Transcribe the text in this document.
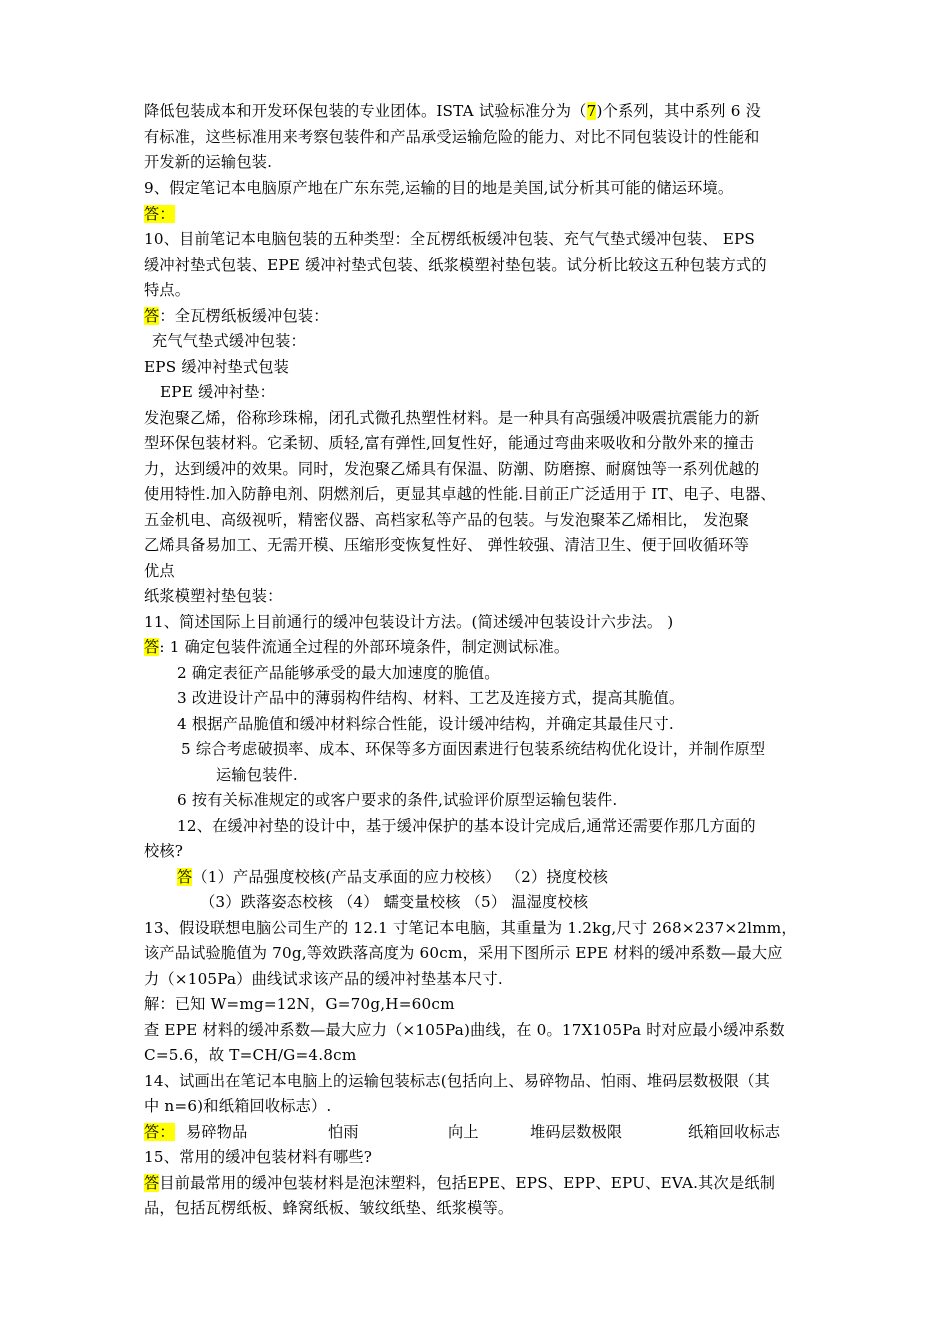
降低包装成本和开发环保包装的专业团体。ISTA 试验标准分为（7)个系列，其中系列 6 没
有标准，这些标准用来考察包装件和产品承受运输危险的能力、对比不同包装设计的性能和
开发新的运输包装.
9、假定笔记本电脑原产地在广东东莞,运输的目的地是美国,试分析其可能的储运环境。
答：
10、目前笔记本电脑包装的五种类型：全瓦楞纸板缓冲包装、充气气垫式缓冲包装、 EPS
缓冲衬垫式包装、EPE 缓冲衬垫式包装、纸浆模塑衬垫包装。试分析比较这五种包装方式的
特点。
答：全瓦楞纸板缓冲包装：
充气气垫式缓冲包装：
EPS 缓冲衬垫式包装
EPE 缓冲衬垫：
发泡聚乙烯，俗称珍珠棉，闭孔式微孔热塑性材料。是一种具有高强缓冲吸震抗震能力的新
型环保包装材料。它柔韧、质轻,富有弹性,回复性好，能通过弯曲来吸收和分散外来的撞击
力，达到缓冲的效果。同时，发泡聚乙烯具有保温、防潮、防磨擦、耐腐蚀等一系列优越的
使用特性.加入防静电剂、阴燃剂后，更显其卓越的性能.目前正广泛适用于 IT、电子、电器、
五金机电、高级视听，精密仪器、高档家私等产品的包装。与发泡聚苯乙烯相比， 发泡聚
乙烯具备易加工、无需开模、压缩形变恢复性好、 弹性较强、清洁卫生、便于回收循环等
优点
纸浆模塑衬垫包装：
11、简述国际上目前通行的缓冲包装设计方法。(简述缓冲包装设计六步法。 )
答: 1 确定包装件流通全过程的外部环境条件，制定测试标准。
2 确定表征产品能够承受的最大加速度的脆值。
3 改进设计产品中的薄弱构件结构、材料、工艺及连接方式，提高其脆值。
4 根据产品脆值和缓冲材料综合性能，设计缓冲结构，并确定其最佳尺寸.
5 综合考虑破损率、成本、环保等多方面因素进行包装系统结构优化设计，并制作原型
运输包装件.
6 按有关标准规定的或客户要求的条件,试验评价原型运输包装件.
12、在缓冲衬垫的设计中，基于缓冲保护的基本设计完成后,通常还需要作那几方面的
校核?
答（1）产品强度校核(产品支承面的应力校核） （2）挠度校核
（3）跌落姿态校核 （4） 蠕变量校核 （5） 温湿度校核
13、假设联想电脑公司生产的 12.1 寸笔记本电脑，其重量为 1.2kg,尺寸 268×237×2lmm，
该产品试验脆值为 70g,等效跌落高度为 60cm，采用下图所示 EPE 材料的缓冲系数—最大应
力（×105Pa）曲线试求该产品的缓冲衬垫基本尺寸.
解：已知 W=mg=12N，G=70g,H=60cm
查 EPE 材料的缓冲系数—最大应力（×105Pa)曲线，在 0。17X105Pa 时对应最小缓冲系数
C=5.6，故 T=CH/G=4.8cm
14、试画出在笔记本电脑上的运输包装标志(包括向上、易碎物品、怕雨、堆码层数极限（其
中 n=6)和纸箱回收标志）.
答： 易碎物品	怕雨	向上	堆码层数极限	纸箱回收标志
15、常用的缓冲包装材料有哪些?
答目前最常用的缓冲包装材料是泡沫塑料，包括EPE、EPS、EPP、EPU、EVA.其次是纸制
品，包括瓦楞纸板、蜂窝纸板、皱纹纸垫、纸浆模等。
